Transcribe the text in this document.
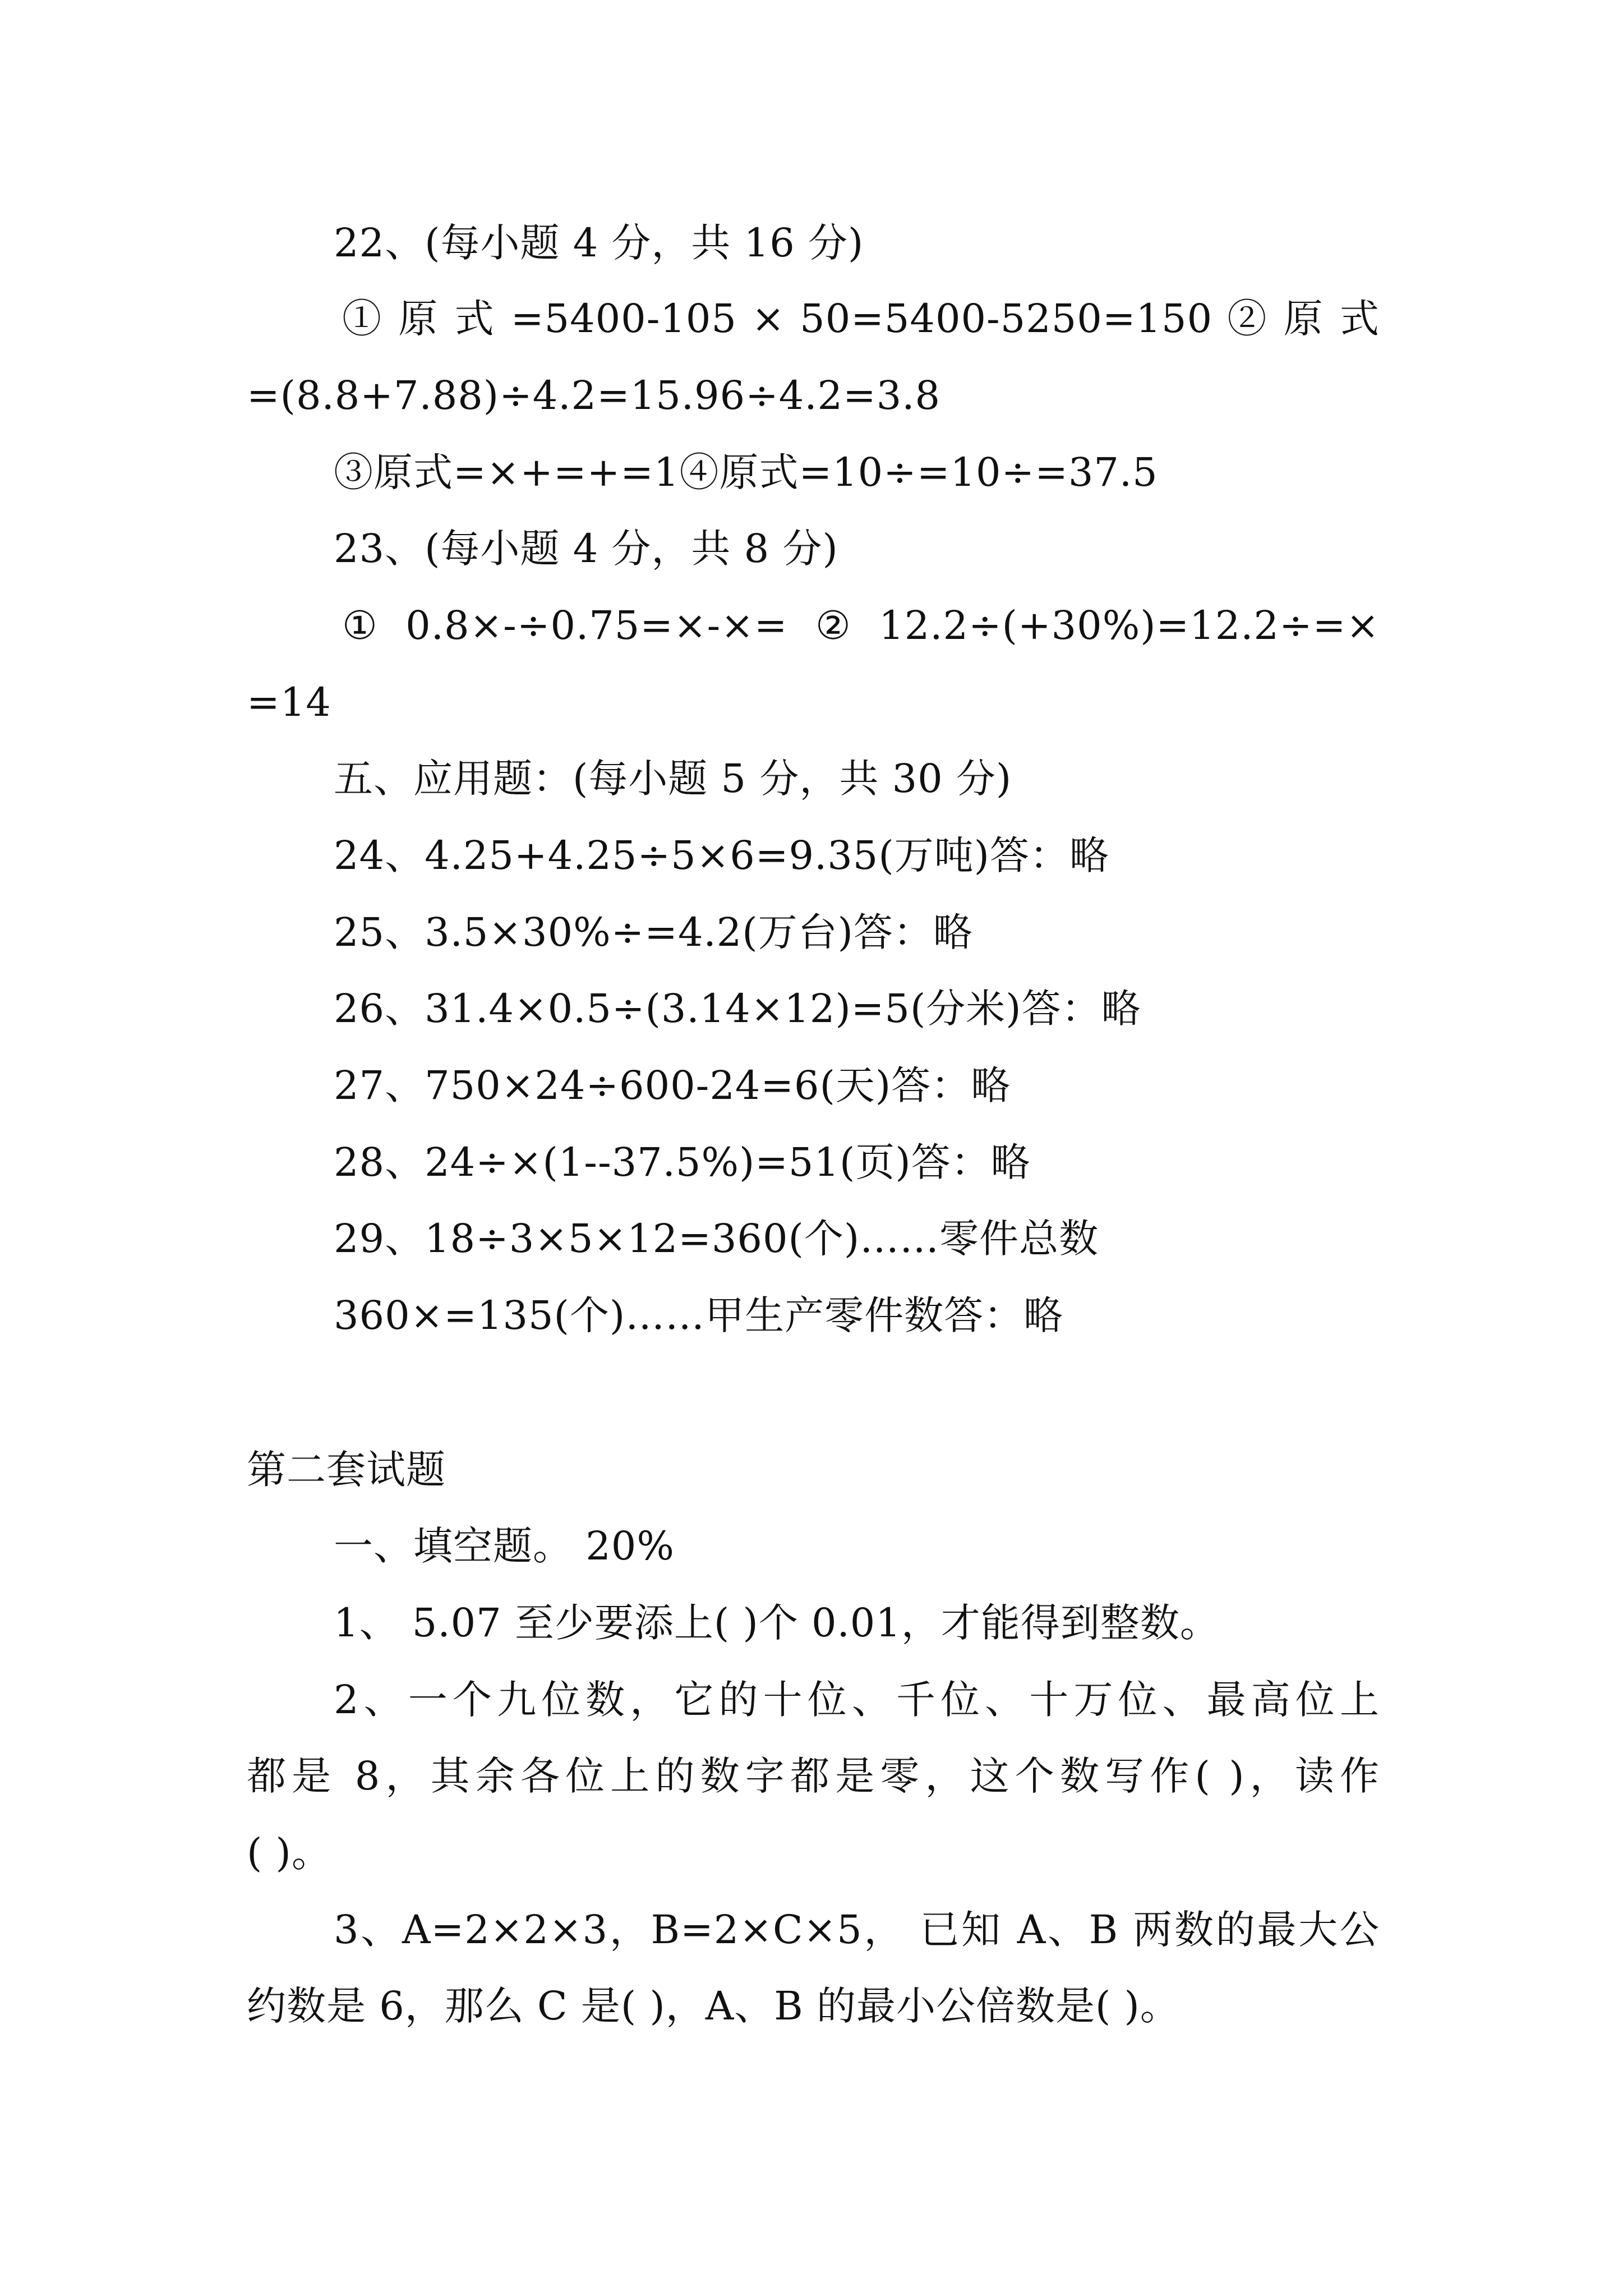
22、(每小题 4 分，共 16 分)
① 原 式 =5400-105 × 50=5400-5250=150 ② 原 式
=(8.8+7.88)÷4.2=15.96÷4.2=3.8
③原式=×+=+=1④原式=10÷=10÷=37.5
23、(每小题 4 分，共 8 分)
①0.8×-÷0.75=×-×=②12.2÷(+30%)=12.2÷=×
=14
五、应用题：(每小题 5 分，共 30 分)
24、4.25+4.25÷5×6=9.35(万吨)答：略
25、3.5×30%÷=4.2(万台)答：略
26、31.4×0.5÷(3.14×12)=5(分米)答：略
27、750×24÷600-24=6(天)答：略
28、24÷×(1--37.5%)=51(页)答：略
29、18÷3×5×12=360(个)……零件总数
360×=135(个)……甲生产零件数答：略
第二套试题
一、填空题。 20%
1、 5.07 至少要添上( )个 0.01，才能得到整数。
2、一个九位数，它的十位、千位、十万位、最高位上
都是 8，其余各位上的数字都是零，这个数写作( )，读作
( )。
3、A=2×2×3，B=2×C×5， 已知 A、B 两数的最大公
约数是 6，那么 C 是( )，A、B 的最小公倍数是( )。
